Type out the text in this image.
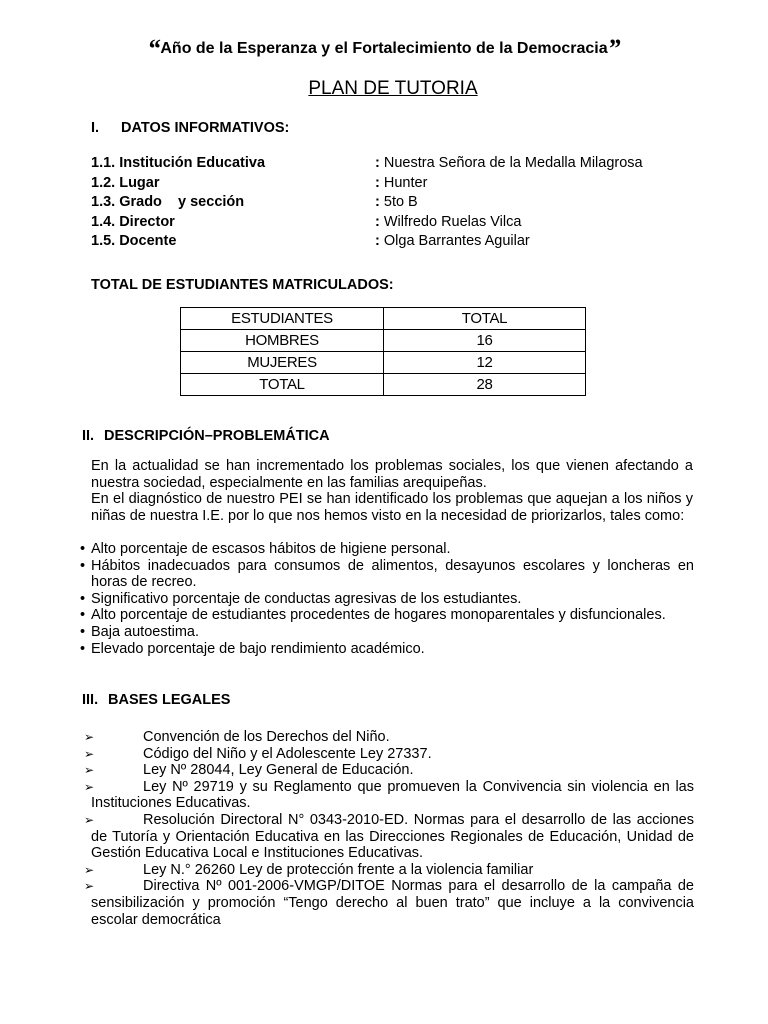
“Año de la Esperanza y el Fortalecimiento de la Democracia”
PLAN DE TUTORIA
I. DATOS INFORMATIVOS:
1.1. Institución Educativa	: Nuestra Señora de la Medalla Milagrosa
1.2. Lugar	: Hunter
1.3. Grado    y sección	: 5to B
1.4. Director	: Wilfredo Ruelas Vilca
1.5. Docente	: Olga Barrantes Aguilar
TOTAL DE ESTUDIANTES MATRICULADOS:
ESTUDIANTES	TOTAL
HOMBRES	16
MUJERES	12
TOTAL	28
II. DESCRIPCIÓN–PROBLEMÁTICA
En la actualidad se han incrementado los problemas sociales, los que vienen afectando a nuestra sociedad, especialmente en las familias arequipeñas.
En el diagnóstico de nuestro PEI se han identificado los problemas que aquejan a los niños y niñas de nuestra I.E. por lo que nos hemos visto en la necesidad de priorizarlos, tales como:
• Alto porcentaje de escasos hábitos de higiene personal.
• Hábitos inadecuados para consumos de alimentos, desayunos escolares y loncheras en horas de recreo.
• Significativo porcentaje de conductas agresivas de los estudiantes.
• Alto porcentaje de estudiantes procedentes de hogares monoparentales y disfuncionales.
• Baja autoestima.
• Elevado porcentaje de bajo rendimiento académico.
III. BASES LEGALES
➢	Convención de los Derechos del Niño.
➢	Código del Niño y el Adolescente Ley 27337.
➢	Ley Nº 28044, Ley General de Educación.
➢	Ley Nº 29719 y su Reglamento que promueven la Convivencia sin violencia en las Instituciones Educativas.
➢	Resolución Directoral N° 0343-2010-ED. Normas para el desarrollo de las acciones de Tutoría y Orientación Educativa en las Direcciones Regionales de Educación, Unidad de Gestión Educativa Local e Instituciones Educativas.
➢	Ley N.° 26260 Ley de protección frente a la violencia familiar
➢	Directiva Nº 001-2006-VMGP/DITOE Normas para el desarrollo de la campaña de sensibilización y promoción “Tengo derecho al buen trato” que incluye a la convivencia escolar democrática
